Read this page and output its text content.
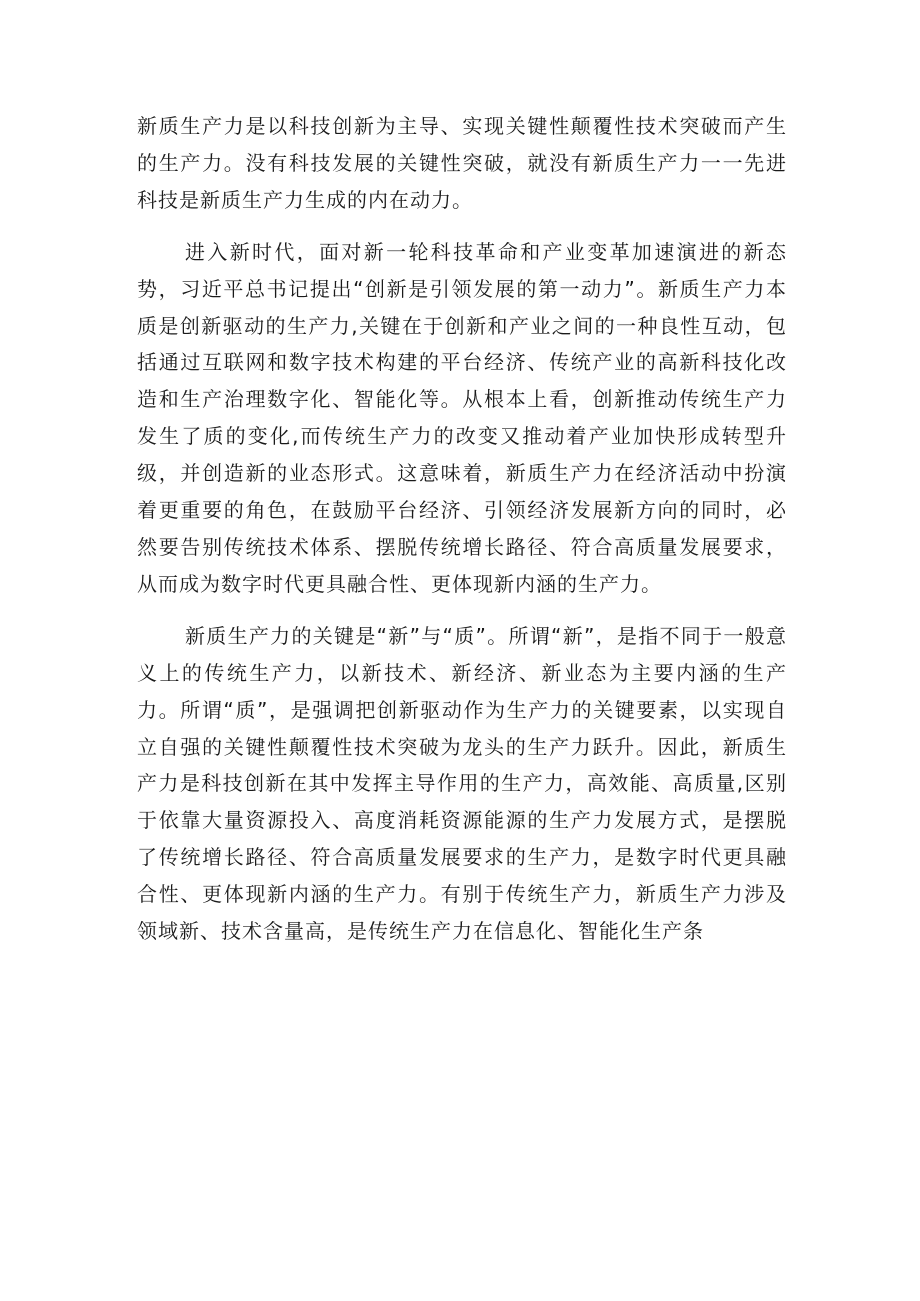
新质生产力是以科技创新为主导、实现关键性颠覆性技术突破而产生的生产力。没有科技发展的关键性突破，就没有新质生产力一一先进科技是新质生产力生成的内在动力。

进入新时代，面对新一轮科技革命和产业变革加速演进的新态势，习近平总书记提出“创新是引领发展的第一动力”。新质生产力本质是创新驱动的生产力,关键在于创新和产业之间的一种良性互动，包括通过互联网和数字技术构建的平台经济、传统产业的高新科技化改造和生产治理数字化、智能化等。从根本上看，创新推动传统生产力发生了质的变化,而传统生产力的改变又推动着产业加快形成转型升级，并创造新的业态形式。这意味着，新质生产力在经济活动中扮演着更重要的角色，在鼓励平台经济、引领经济发展新方向的同时，必然要告别传统技术体系、摆脱传统增长路径、符合高质量发展要求，从而成为数字时代更具融合性、更体现新内涵的生产力。

新质生产力的关键是“新”与“质”。所谓“新”，是指不同于一般意义上的传统生产力，以新技术、新经济、新业态为主要内涵的生产力。所谓“质”，是强调把创新驱动作为生产力的关键要素，以实现自立自强的关键性颠覆性技术突破为龙头的生产力跃升。因此，新质生产力是科技创新在其中发挥主导作用的生产力，高效能、高质量,区别于依靠大量资源投入、高度消耗资源能源的生产力发展方式，是摆脱了传统增长路径、符合高质量发展要求的生产力，是数字时代更具融合性、更体现新内涵的生产力。有别于传统生产力，新质生产力涉及领域新、技术含量高，是传统生产力在信息化、智能化生产条
